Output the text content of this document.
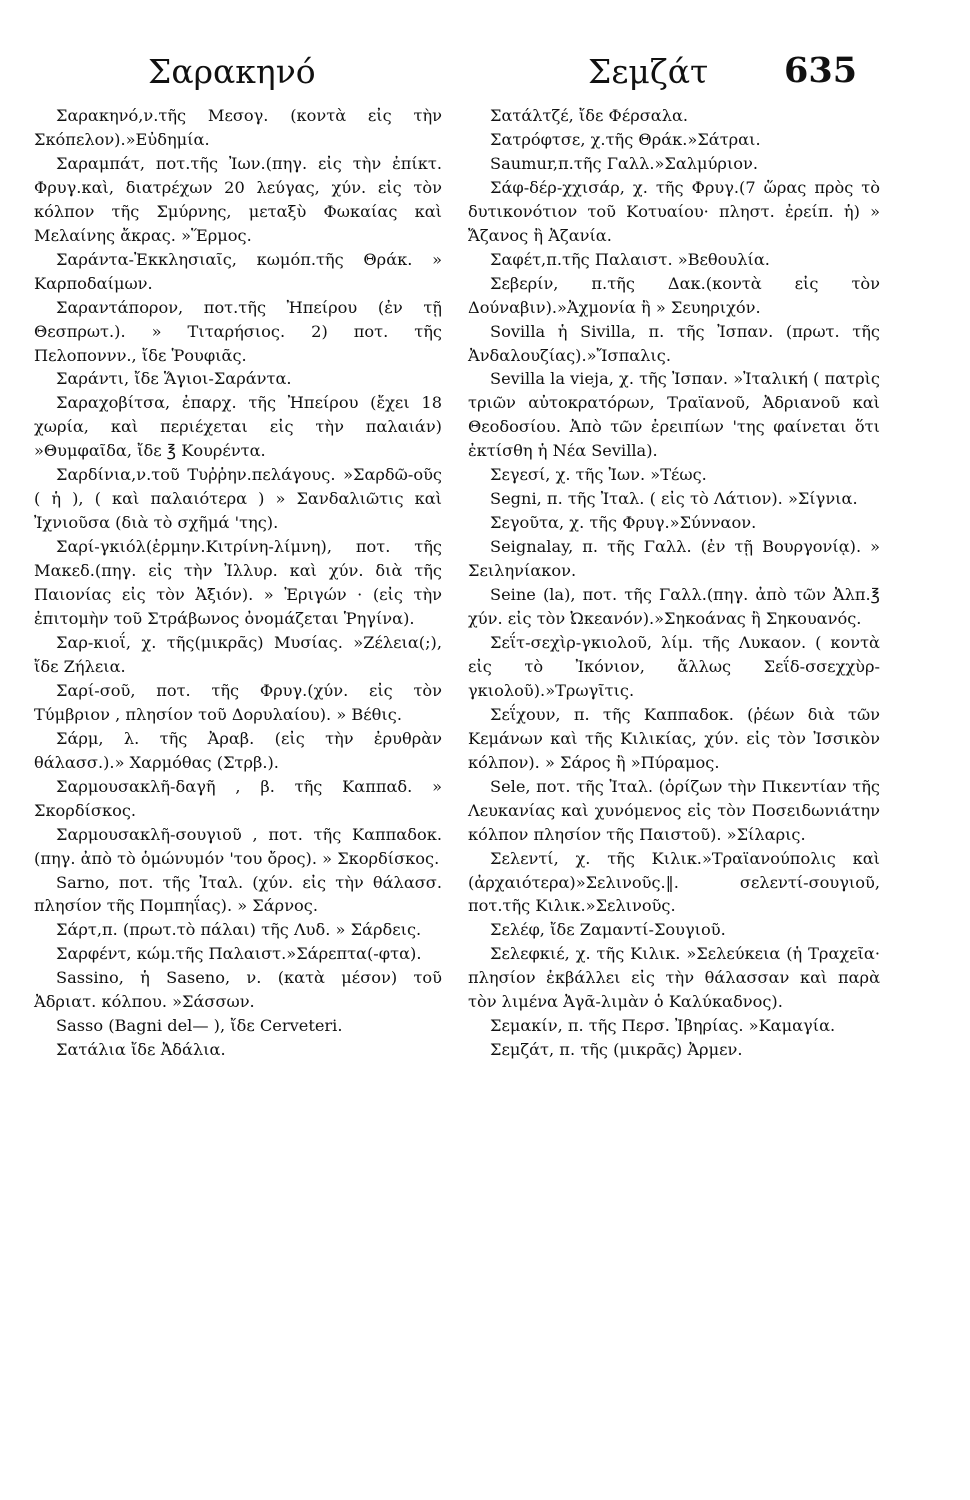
Σαρακηνό	Σεμζάτ 635

Σαρακηνό,ν.τῆς Μεσογ. (κοντὰ εἰς τὴν Σκόπελον).»Εὐδημία.

Σαραμπάτ, ποτ.τῆς Ἰων.(πηγ. εἰς τὴν ἐπίκτ. Φρυγ.καὶ, διατρέχων 20 λεύγας, χύν. εἰς τὸν κόλπον τῆς Σμύρνης, μεταξὺ Φωκαίας καὶ Μελαίνης ἄκρας. »Ἕρμος.

Σαράντα-Ἐκκλησιαῖς, κωμόπ.τῆς Θράκ. » Καρποδαίμων.

Σαραντάπορον, ποτ.τῆς Ἠπείρου (ἐν τῇ Θεσπρωτ.). » Τιταρήσιος. 2) ποτ. τῆς Πελοποννν., ἴδε Ῥουφιᾶς.

Σαράντι, ἴδε Ἅγιοι-Σαράντα.

Σαραχοβίτσα, ἐπαρχ. τῆς Ἠπείρου (ἔχει 18 χωρία, καὶ περιέχεται εἰς τὴν παλαιάν) »Θυμφαῖδα, ἴδε ℥ Κουρέντα.

Σαρδίνια,ν.τοῦ Τυῤῥην.πελάγους. »Σαρδῶ-οῦς ( ἡ ), ( καὶ παλαιότερα ) » Σανδαλιῶτις καὶ Ἰχνιοῦσα (διὰ τὸ σχῆμά 'της).

Σαρί-γκιόλ(ἑρμην.Κιτρίνη-λίμνη), ποτ. τῆς Μακεδ.(πηγ. εἰς τὴν Ἰλλυρ. καὶ χύν. διὰ τῆς Παιονίας εἰς τὸν Ἀξιόν). » Ἐριγών · (εἰς τὴν ἐπιτομὴν τοῦ Στράβωνος ὀνομάζεται Ῥηγίνα).

Σαρ-κιοΐ, χ. τῆς(μικρᾶς) Μυσίας. »Ζέλεια(;), ἴδε Ζήλεια.

Σαρί-σοῦ, ποτ. τῆς Φρυγ.(χύν. εἰς τὸν Τύμβριον , πλησίον τοῦ Δορυλαίου). » Βέθις.

Σάρμ, λ. τῆς Ἀραβ. (εἰς τὴν ἐρυθρὰν θάλασσ.).» Χαρμόθας (Στρβ.).

Σαρμουσακλῆ-δαγῆ , β. τῆς Καππαδ. » Σκορδίσκος.

Σαρμουσακλῆ-σουγιοῦ , ποτ. τῆς Καππαδοκ. (πηγ. ἀπὸ τὸ ὁμώνυμόν 'του ὄρος). » Σκορδίσκος.

Sarno, ποτ. τῆς Ἰταλ. (χύν. εἰς τὴν θάλασσ. πλησίον τῆς Πομπηΐας). » Σάρνος.

Σάρτ,π. (πρωτ.τὸ πάλαι) τῆς Λυδ. » Σάρδεις.

Σαρφέντ, κώμ.τῆς Παλαιστ.»Σάρεπτα(-φτα).

Sassino, ἡ Saseno, ν. (κατὰ μέσον) τοῦ Ἀδριατ. κόλπου. »Σάσσων.

Sasso (Bagni del— ), ἴδε Cerveteri.

Σατάλια ἴδε Ἀδάλια.

Σατάλτζέ, ἴδε Φέρσαλα.

Σατρόφτσε, χ.τῆς Θράκ.»Σάτραι.

Saumur,π.τῆς Γαλλ.»Σαλμύριον.

Σάφ-δέρ-χχισάρ, χ. τῆς Φρυγ.(7 ὥρας πρὸς τὸ δυτικονότιον τοῦ Κοτυαίου· πληστ. ἐρείπ. ἡ) » Ἄζανος ἢ Ἀζανία.

Σαφέτ,π.τῆς Παλαιστ. »Βεθουλία.

Σεβερίν, π.τῆς Δακ.(κοντὰ εἰς τὸν Δούναβιν).»Ἀχμονία ἢ » Σευηριχόν.

Sovilla ἡ Sivilla, π. τῆς Ἰσπαν. (πρωτ. τῆς Ἀνδαλουζίας).»Ἴσπαλις.

Sevilla la vieja, χ. τῆς Ἰσπαν. »Ἰταλική ( πατρὶς τριῶν αὐτοκρατόρων, Τραϊανοῦ, Ἀδριανοῦ καὶ Θεοδοσίου. Ἀπὸ τῶν ἐρειπίων 'της φαίνεται ὅτι ἐκτίσθη ἡ Νέα Sevilla).

Σεγεσί, χ. τῆς Ἰων. »Τέως.

Segni, π. τῆς Ἰταλ. ( εἰς τὸ Λάτιον). »Σίγνια.

Σεγοῦτα, χ. τῆς Φρυγ.»Σύνναον.

Seignalay, π. τῆς Γαλλ. (ἐν τῇ Βουργονίᾳ). » Σειληνίακον.

Seine (la), ποτ. τῆς Γαλλ.(πηγ. ἀπὸ τῶν Ἀλπ.℥ χύν. εἰς τὸν Ὠκεανόν).»Σηκοάνας ἢ Σηκουανός.

Σεΐτ-σεχὶρ-γκιολοῦ, λίμ. τῆς Λυκαον. ( κοντὰ εἰς τὸ Ἰκόνιον, ἄλλως Σεΐδ-σσεχχὺρ-γκιολοῦ).»Τρωγῖτις.

Σεΐχουν, π. τῆς Καππαδοκ. (ῥέων διὰ τῶν Κεμάνων καὶ τῆς Κιλικίας, χύν. εἰς τὸν Ἰσσικὸν κόλπον). » Σάρος ἢ »Πύραμος.

Sele, ποτ. τῆς Ἰταλ. (ὁρίζων τὴν Πικεντίαν τῆς Λευκανίας καὶ χυνόμενος εἰς τὸν Ποσειδωνιάτην κόλπον πλησίον τῆς Παιστοῦ). »Σίλαρις.

Σελεντί, χ. τῆς Κιλικ.»Τραϊανούπολις καὶ (ἀρχαιότερα)»Σελινοῦς.‖. σελεντί-σουγιοῦ, ποτ.τῆς Κιλικ.»Σελινοῦς.

Σελέφ, ἴδε Ζαμαντί-Σουγιοῦ.

Σελεφκιέ, χ. τῆς Κιλικ. »Σελεύκεια (ἡ Τραχεῖα· πλησίον ἐκβάλλει εἰς τὴν θάλασσαν καὶ παρὰ τὸν λιμένα Ἀγᾶ-λιμὰν ὁ Καλύκαδνος).

Σεμακίν, π. τῆς Περσ. Ἰβηρίας. »Καμαγία.

Σεμζάτ, π. τῆς (μικρᾶς) Ἀρμεν.
